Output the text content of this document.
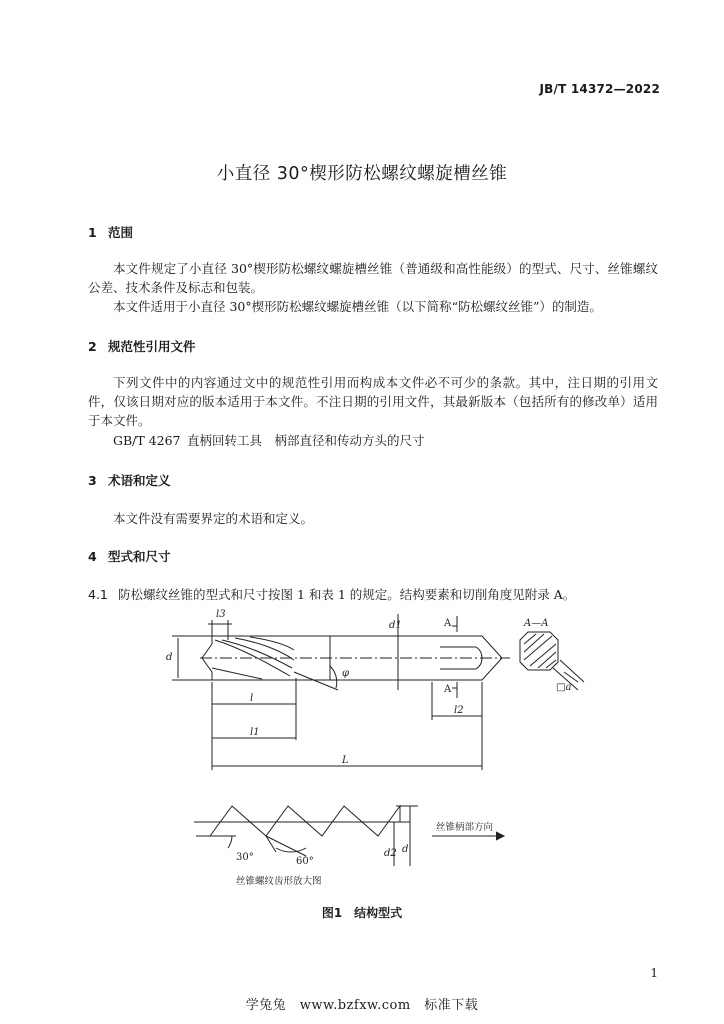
JB/T 14372—2022
小直径 30°楔形防松螺纹螺旋槽丝锥
1 范围
本文件规定了小直径 30°楔形防松螺纹螺旋槽丝锥（普通级和高性能级）的型式、尺寸、丝锥螺纹公差、技术条件及标志和包装。
本文件适用于小直径 30°楔形防松螺纹螺旋槽丝锥（以下简称“防松螺纹丝锥”）的制造。
2 规范性引用文件
下列文件中的内容通过文中的规范性引用而构成本文件必不可少的条款。其中，注日期的引用文件，仅该日期对应的版本适用于本文件。不注日期的引用文件，其最新版本（包括所有的修改单）适用于本文件。
GB/T 4267 直柄回转工具　柄部直径和传动方头的尺寸
3 术语和定义
本文件没有需要界定的术语和定义。
4 型式和尺寸
4.1 防松螺纹丝锥的型式和尺寸按图 1 和表 1 的规定。结构要素和切削角度见附录 A。
l3
d
d1
φ
A
A
A—A
□a
l
l1
l2
L
30°	60°
d2 d
丝锥柄部方向
丝锥螺纹齿形放大图
图1　结构型式
1
学兔兔　www.bzfxw.com　标准下载
